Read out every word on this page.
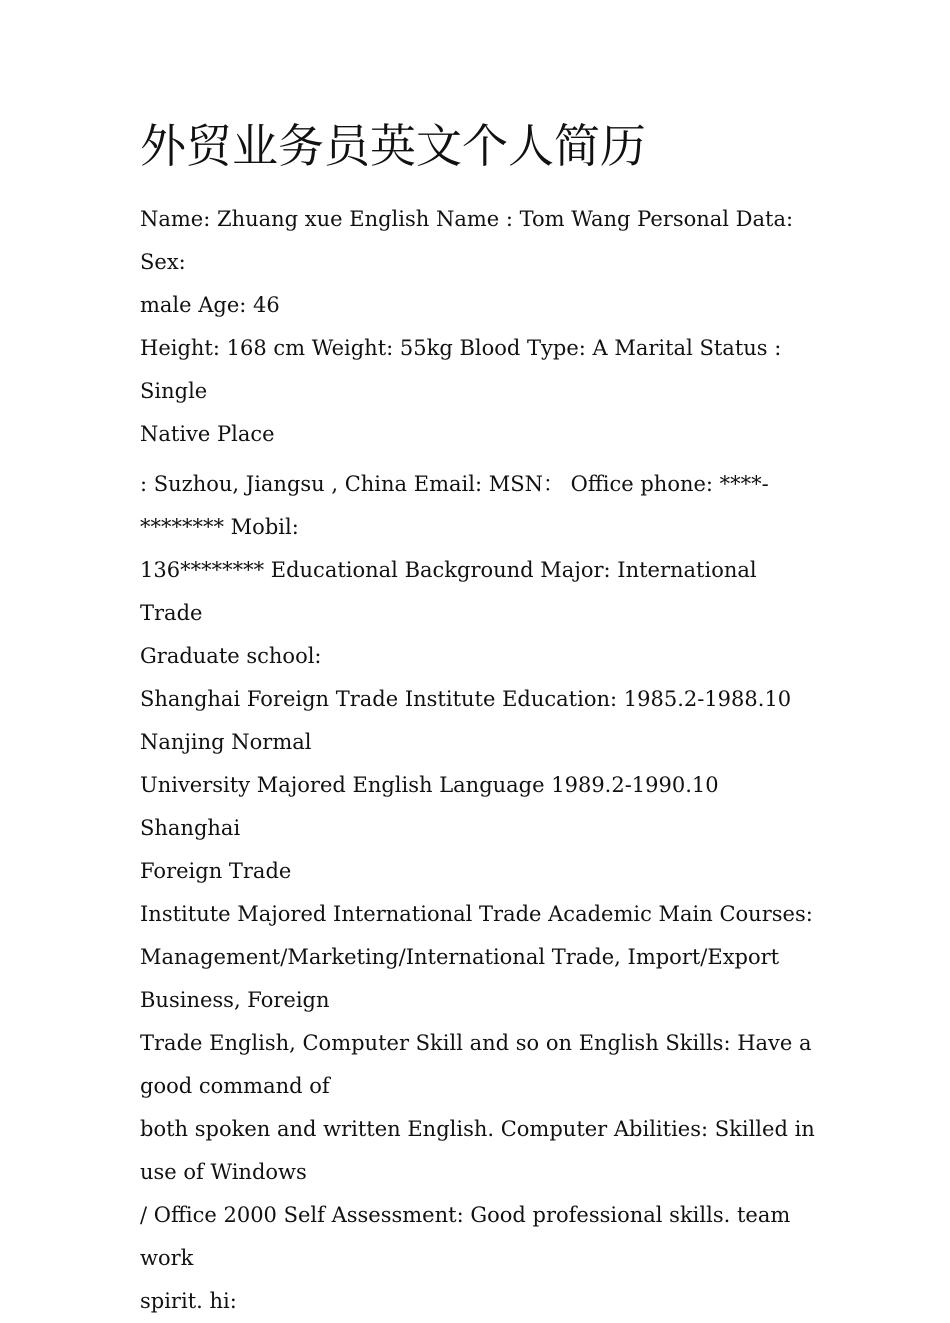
外贸业务员英文个人简历

Name: Zhuang xue English Name : Tom Wang Personal Data: Sex:
male Age: 46

Height: 168 cm Weight: 55kg Blood Type: A Marital Status : Single
Native Place

: Suzhou, Jiangsu , China Email: MSN： Office phone: ****-
******** Mobil:

136******** Educational Background Major: International Trade
Graduate school:

Shanghai Foreign Trade Institute Education: 1985.2-1988.10
Nanjing Normal

University Majored English Language 1989.2-1990.10 Shanghai
Foreign Trade

Institute Majored International Trade Academic Main Courses:
Management/Marketing/International Trade, Import/Export
Business, Foreign

Trade English, Computer Skill and so on English Skills: Have a
good command of

both spoken and written English. Computer Abilities: Skilled in
use of Windows

/ Office 2000 Self Assessment: Good professional skills. team work
spirit. hi:
